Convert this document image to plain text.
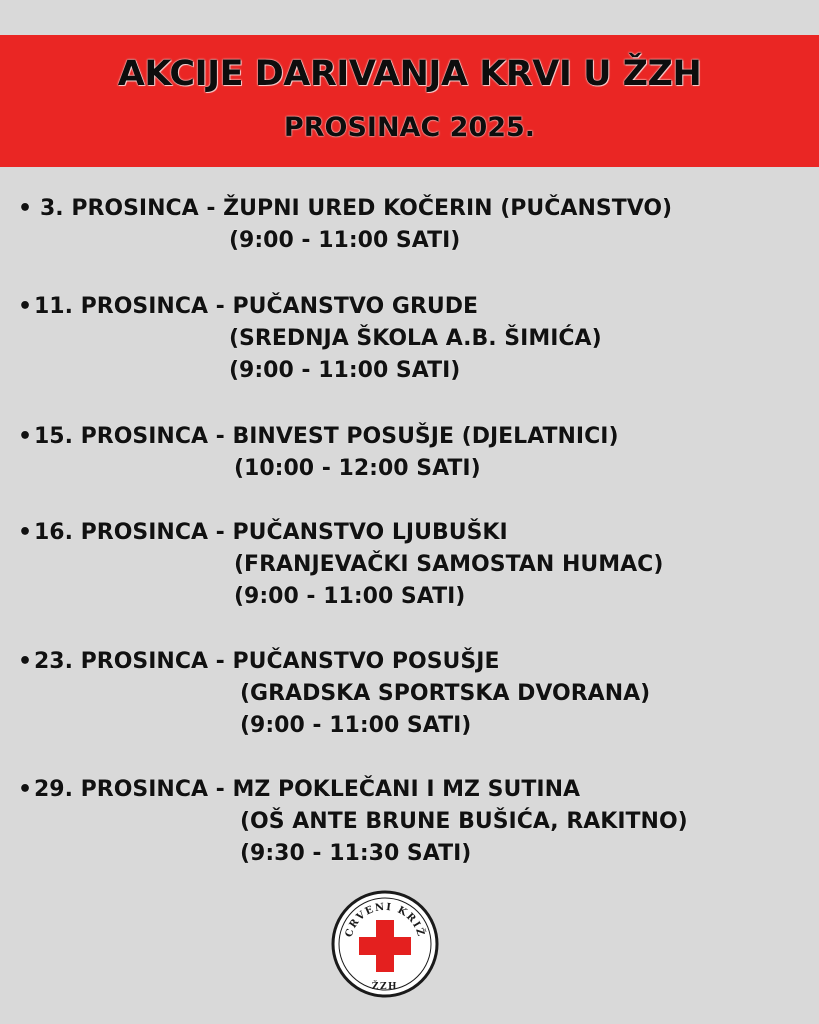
AKCIJE DARIVANJA KRVI U ŽZH
PROSINAC 2025.
• 3. PROSINCA - ŽUPNI URED KOČERIN (PUČANSTVO)
(9:00 - 11:00 SATI)
•11. PROSINCA - PUČANSTVO GRUDE
(SREDNJA ŠKOLA A.B. ŠIMIĆA)
(9:00 - 11:00 SATI)
•15. PROSINCA - BINVEST POSUŠJE (DJELATNICI)
(10:00 - 12:00 SATI)
•16. PROSINCA - PUČANSTVO LJUBUŠKI
(FRANJEVAČKI SAMOSTAN HUMAC)
(9:00 - 11:00 SATI)
•23. PROSINCA - PUČANSTVO POSUŠJE
(GRADSKA SPORTSKA DVORANA)
(9:00 - 11:00 SATI)
•29. PROSINCA - MZ POKLEČANI I MZ SUTINA
(OŠ ANTE BRUNE BUŠIĆA, RAKITNO)
(9:30 - 11:30 SATI)
CRVENI KRIŽ
ŽZH
